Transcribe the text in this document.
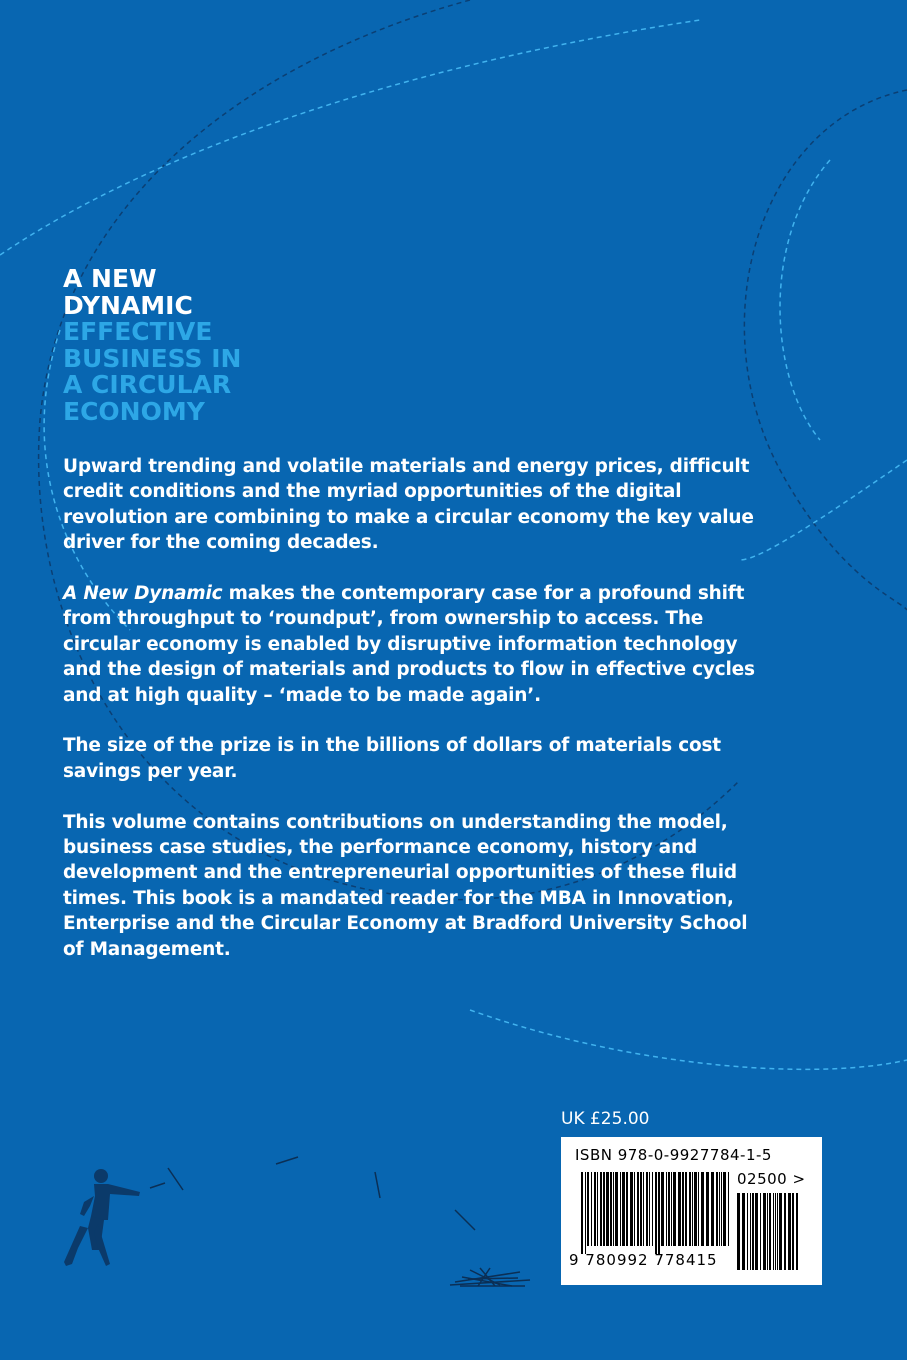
A NEW
DYNAMIC
EFFECTIVE
BUSINESS IN
A CIRCULAR
ECONOMY

Upward trending and volatile materials and energy prices, difficult credit conditions and the myriad opportunities of the digital revolution are combining to make a circular economy the key value driver for the coming decades.

A New Dynamic makes the contemporary case for a profound shift from throughput to ‘roundput’, from ownership to access. The circular economy is enabled by disruptive information technology and the design of materials and products to flow in effective cycles and at high quality – ‘made to be made again’.

The size of the prize is in the billions of dollars of materials cost savings per year.

This volume contains contributions on understanding the model, business case studies, the performance economy, history and development and the entrepreneurial opportunities of these fluid times. This book is a mandated reader for the MBA in Innovation, Enterprise and the Circular Economy at Bradford University School of Management.

UK £25.00
ISBN 978-0-9927784-1-5
02500 >
9 780992 778415
